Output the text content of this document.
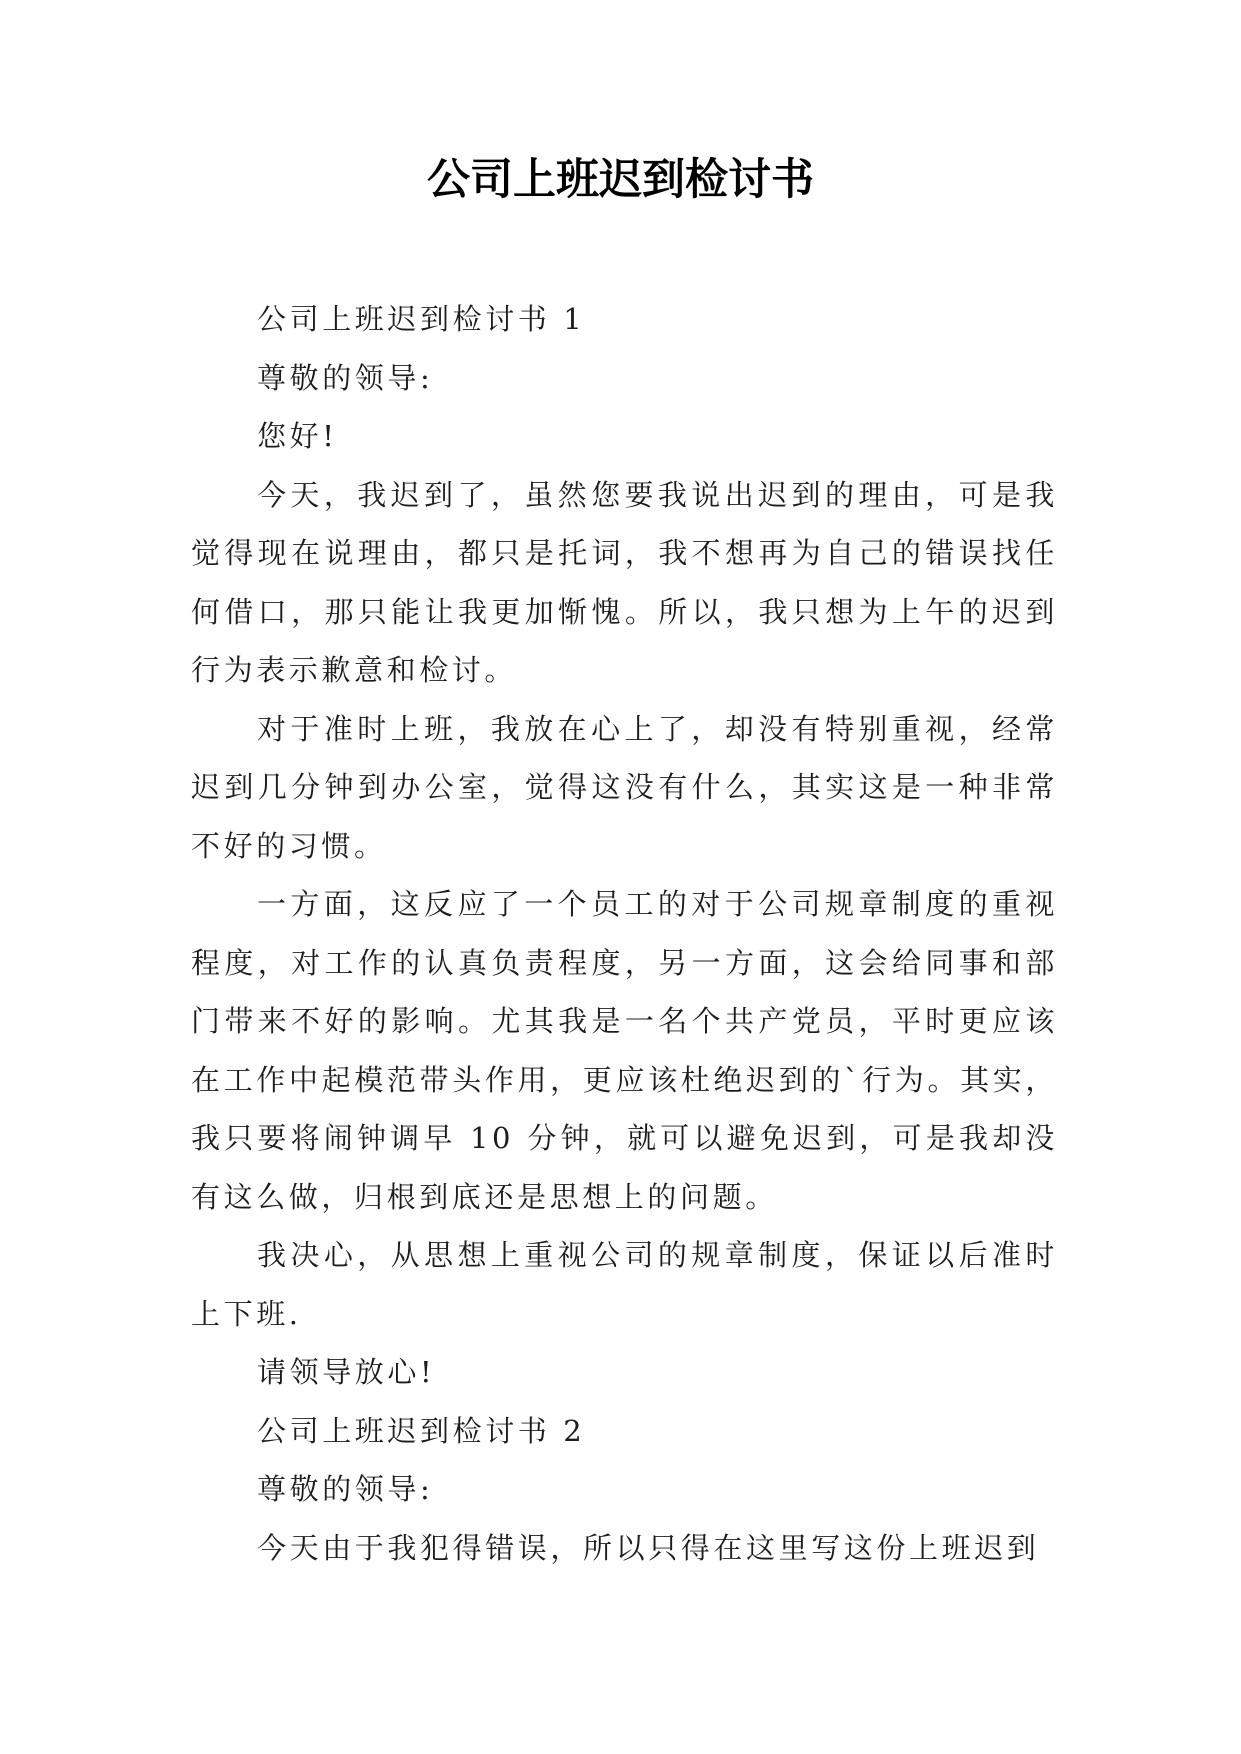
公司上班迟到检讨书

公司上班迟到检讨书 1

尊敬的领导:

您好!

今天，我迟到了，虽然您要我说出迟到的理由，可是我觉得现在说理由，都只是托词，我不想再为自己的错误找任何借口，那只能让我更加惭愧。所以，我只想为上午的迟到行为表示歉意和检讨。

对于准时上班，我放在心上了，却没有特别重视，经常迟到几分钟到办公室，觉得这没有什么，其实这是一种非常不好的习惯。

一方面，这反应了一个员工的对于公司规章制度的重视程度，对工作的认真负责程度，另一方面，这会给同事和部门带来不好的影响。尤其我是一名个共产党员，平时更应该在工作中起模范带头作用，更应该杜绝迟到的`行为。其实，我只要将闹钟调早 10 分钟，就可以避免迟到，可是我却没有这么做，归根到底还是思想上的问题。

我决心，从思想上重视公司的规章制度，保证以后准时上下班.

请领导放心!

公司上班迟到检讨书 2

尊敬的领导:

今天由于我犯得错误，所以只得在这里写这份上班迟到
